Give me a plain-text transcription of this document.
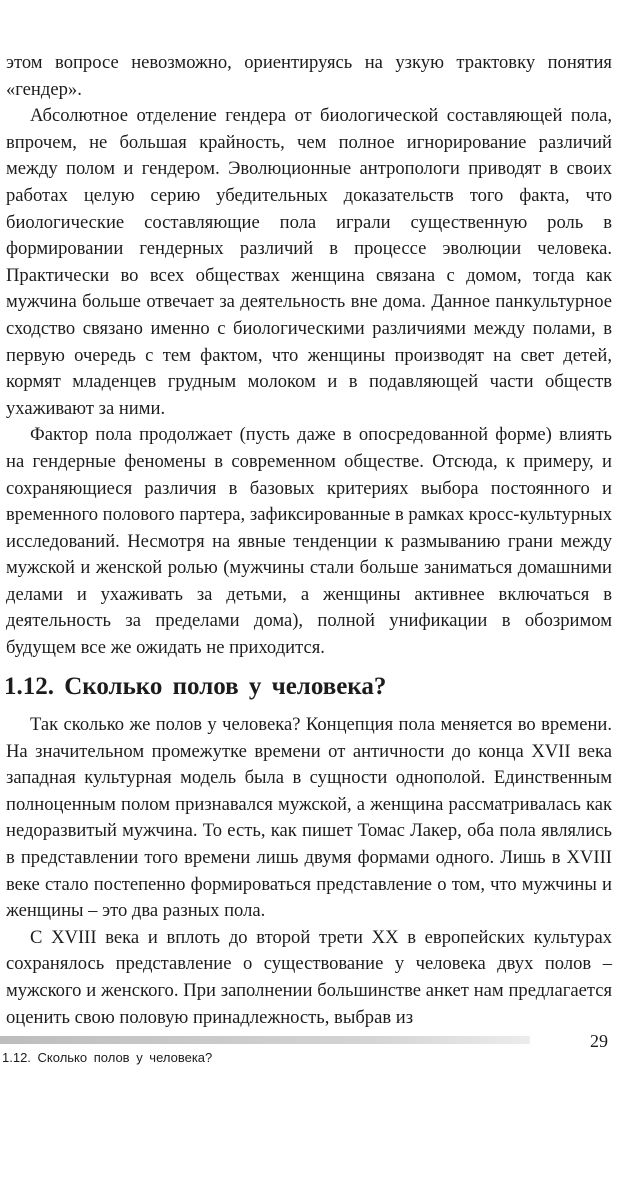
этом вопросе невозможно, ориентируясь на узкую трактовку понятия «гендер».

Абсолютное отделение гендера от биологической составляющей пола, впрочем, не большая крайность, чем полное игнорирование различий между полом и гендером. Эволюционные антропологи приводят в своих работах целую серию убедительных доказательств того факта, что биологические составляющие пола играли существенную роль в формировании гендерных различий в процессе эволюции человека. Практически во всех обществах женщина связана с домом, тогда как мужчина больше отвечает за деятельность вне дома. Данное панкультурное сходство связано именно с биологическими различиями между полами, в первую очередь с тем фактом, что женщины производят на свет детей, кормят младенцев грудным молоком и в подавляющей части обществ ухаживают за ними.

Фактор пола продолжает (пусть даже в опосредованной форме) влиять на гендерные феномены в современном обществе. Отсюда, к примеру, и сохраняющиеся различия в базовых критериях выбора постоянного и временного полового партера, зафиксированные в рамках кросс-культурных исследований. Несмотря на явные тенденции к размыванию грани между мужской и женской ролью (мужчины стали больше заниматься домашними делами и ухаживать за детьми, а женщины активнее включаться в деятельность за пределами дома), полной унификации в обозримом будущем все же ожидать не приходится.

1.12. Сколько полов у человека?

Так сколько же полов у человека? Концепция пола меняется во времени. На значительном промежутке времени от античности до конца XVII века западная культурная модель была в сущности однополой. Единственным полноценным полом признавался мужской, а женщина рассматривалась как недоразвитый мужчина. То есть, как пишет Томас Лакер, оба пола являлись в представлении того времени лишь двумя формами одного. Лишь в XVIII веке стало постепенно формироваться представление о том, что мужчины и женщины – это два разных пола.

С XVIII века и вплоть до второй трети XX в европейских культурах сохранялось представление о существование у человека двух полов – мужского и женского. При заполнении большинстве анкет нам предлагается оценить свою половую принадлежность, выбрав из

1.12. Сколько полов у человека?
29
